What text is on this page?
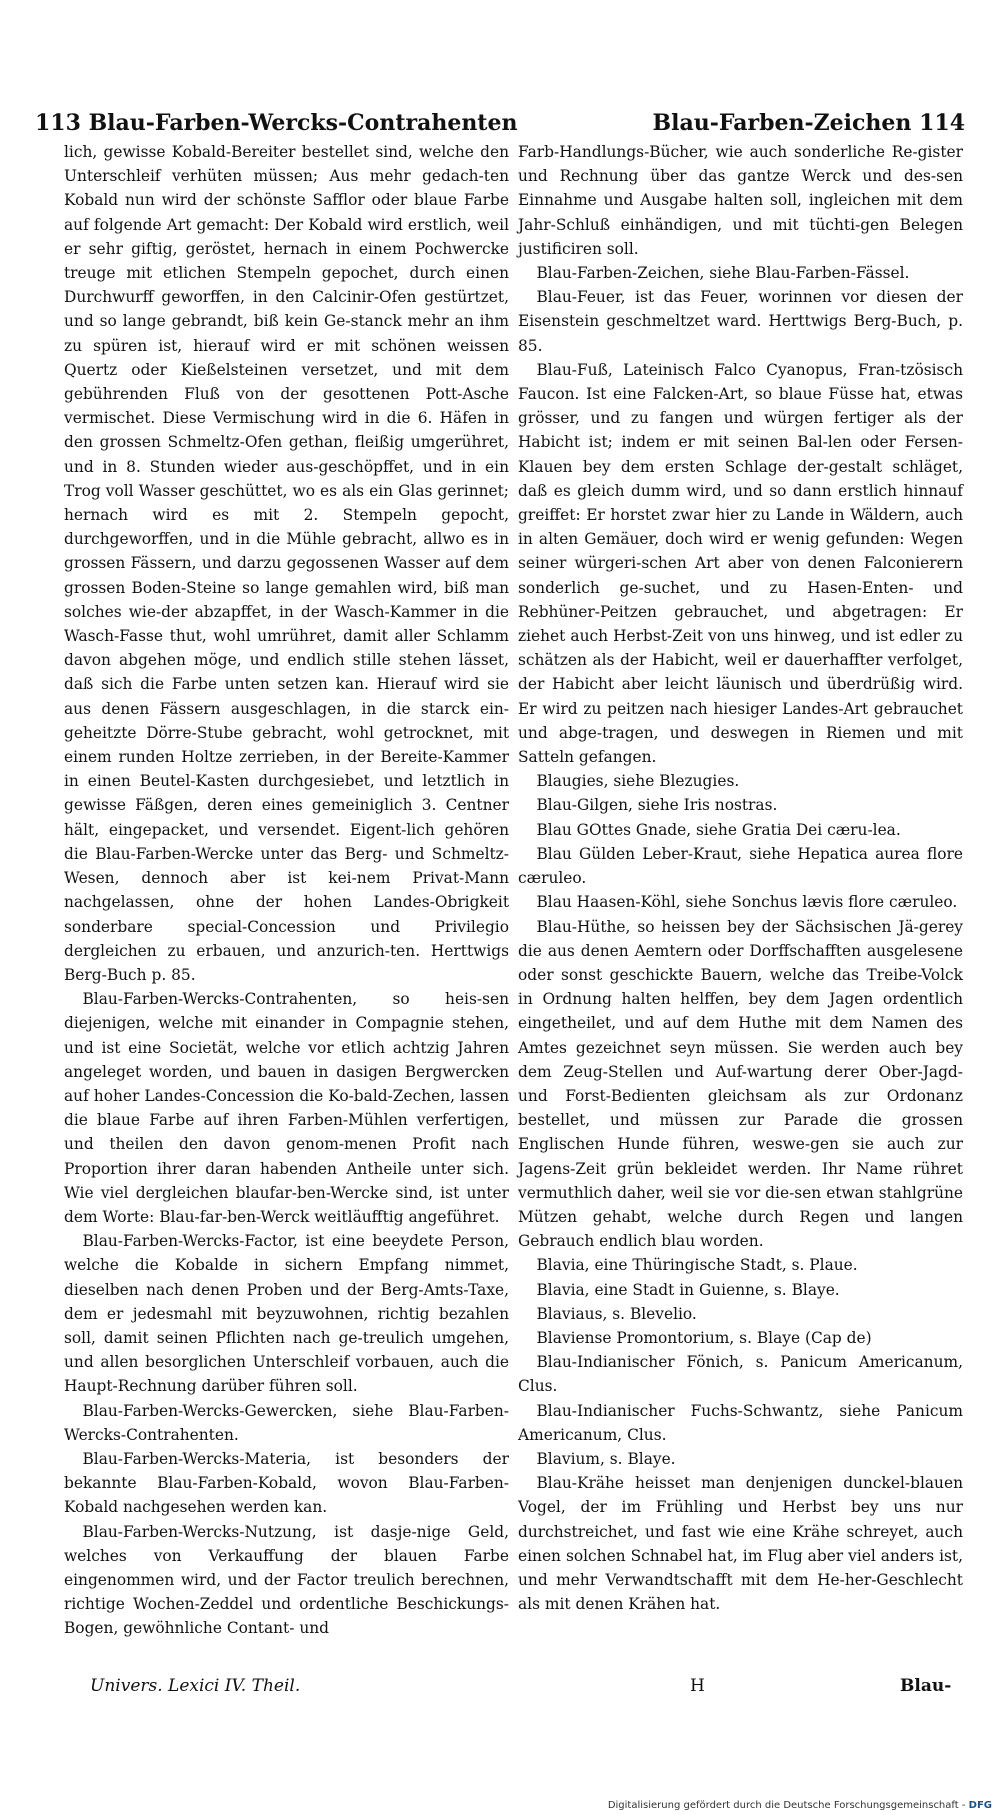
113 Blau-Farben-Wercks-Contrahenten	Blau-Farben-Zeichen 114

lich, gewisse Kobald-Bereiter bestellet sind, welche den Unterschleif verhüten müssen; Aus mehr gedach-ten Kobald nun wird der schönste Safflor oder blaue Farbe auf folgende Art gemacht: Der Kobald wird erstlich, weil er sehr giftig, geröstet, hernach in einem Pochwercke treuge mit etlichen Stempeln gepochet, durch einen Durchwurff geworffen, in den Calcinir-Ofen gestürtzet, und so lange gebrandt, biß kein Ge-stanck mehr an ihm zu spüren ist, hierauf wird er mit schönen weissen Quertz oder Kießelsteinen versetzet, und mit dem gebührenden Fluß von der gesottenen Pott-Asche vermischet. Diese Vermischung wird in die 6. Häfen in den grossen Schmeltz-Ofen gethan, fleißig umgerühret, und in 8. Stunden wieder aus-geschöpffet, und in ein Trog voll Wasser geschüttet, wo es als ein Glas gerinnet; hernach wird es mit 2. Stempeln gepocht, durchgeworffen, und in die Mühle gebracht, allwo es in grossen Fässern, und darzu gegossenen Wasser auf dem grossen Boden-Steine so lange gemahlen wird, biß man solches wie-der abzapffet, in der Wasch-Kammer in die Wasch-Fasse thut, wohl umrühret, damit aller Schlamm davon abgehen möge, und endlich stille stehen lässet, daß sich die Farbe unten setzen kan. Hierauf wird sie aus denen Fässern ausgeschlagen, in die starck ein-geheitzte Dörre-Stube gebracht, wohl getrocknet, mit einem runden Holtze zerrieben, in der Bereite-Kammer in einen Beutel-Kasten durchgesiebet, und letztlich in gewisse Fäßgen, deren eines gemeiniglich 3. Centner hält, eingepacket, und versendet. Eigent-lich gehören die Blau-Farben-Wercke unter das Berg- und Schmeltz-Wesen, dennoch aber ist kei-nem Privat-Mann nachgelassen, ohne der hohen Landes-Obrigkeit sonderbare special-Concession und Privilegio dergleichen zu erbauen, und anzurich-ten. Herttwigs Berg-Buch p. 85.

Blau-Farben-Wercks-Contrahenten, so heis-sen diejenigen, welche mit einander in Compagnie stehen, und ist eine Societät, welche vor etlich achtzig Jahren angeleget worden, und bauen in dasigen Bergwercken auf hoher Landes-Concession die Ko-bald-Zechen, lassen die blaue Farbe auf ihren Farben-Mühlen verfertigen, und theilen den davon genom-menen Profit nach Proportion ihrer daran habenden Antheile unter sich. Wie viel dergleichen blaufar-ben-Wercke sind, ist unter dem Worte: Blau-far-ben-Werck weitläufftig angeführet.

Blau-Farben-Wercks-Factor, ist eine beeydete Person, welche die Kobalde in sichern Empfang nimmet, dieselben nach denen Proben und der Berg-Amts-Taxe, dem er jedesmahl mit beyzuwohnen, richtig bezahlen soll, damit seinen Pflichten nach ge-treulich umgehen, und allen besorglichen Unterschleif vorbauen, auch die Haupt-Rechnung darüber führen soll.

Blau-Farben-Wercks-Gewercken, siehe Blau-Farben-Wercks-Contrahenten.

Blau-Farben-Wercks-Materia, ist besonders der bekannte Blau-Farben-Kobald, wovon Blau-Farben-Kobald nachgesehen werden kan.

Blau-Farben-Wercks-Nutzung, ist dasje-nige Geld, welches von Verkauffung der blauen Farbe eingenommen wird, und der Factor treulich berechnen, richtige Wochen-Zeddel und ordentliche Beschickungs-Bogen, gewöhnliche Contant- und

Farb-Handlungs-Bücher, wie auch sonderliche Re-gister und Rechnung über das gantze Werck und des-sen Einnahme und Ausgabe halten soll, ingleichen mit dem Jahr-Schluß einhändigen, und mit tüchti-gen Belegen justificiren soll.

Blau-Farben-Zeichen, siehe Blau-Farben-Fässel.

Blau-Feuer, ist das Feuer, worinnen vor diesen der Eisenstein geschmeltzet ward. Herttwigs Berg-Buch, p. 85.

Blau-Fuß, Lateinisch Falco Cyanopus, Fran-tzösisch Faucon. Ist eine Falcken-Art, so blaue Füsse hat, etwas grösser, und zu fangen und würgen fertiger als der Habicht ist; indem er mit seinen Bal-len oder Fersen-Klauen bey dem ersten Schlage der-gestalt schläget, daß es gleich dumm wird, und so dann erstlich hinnauf greiffet: Er horstet zwar hier zu Lande in Wäldern, auch in alten Gemäuer, doch wird er wenig gefunden: Wegen seiner würgeri-schen Art aber von denen Falconierern sonderlich ge-suchet, und zu Hasen-Enten- und Rebhüner-Peitzen gebrauchet, und abgetragen: Er ziehet auch Herbst-Zeit von uns hinweg, und ist edler zu schätzen als der Habicht, weil er dauerhaffter verfolget, der Habicht aber leicht läunisch und überdrüßig wird. Er wird zu peitzen nach hiesiger Landes-Art gebrauchet und abge-tragen, und deswegen in Riemen und mit Satteln gefangen.

Blaugies, siehe Blezugies.

Blau-Gilgen, siehe Iris nostras.

Blau GOttes Gnade, siehe Gratia Dei cæru-lea.

Blau Gülden Leber-Kraut, siehe Hepatica aurea flore cæruleo.

Blau Haasen-Köhl, siehe Sonchus lævis flore cæruleo.

Blau-Hüthe, so heissen bey der Sächsischen Jä-gerey die aus denen Aemtern oder Dorffschafften ausgelesene oder sonst geschickte Bauern, welche das Treibe-Volck in Ordnung halten helffen, bey dem Jagen ordentlich eingetheilet, und auf dem Huthe mit dem Namen des Amtes gezeichnet seyn müssen. Sie werden auch bey dem Zeug-Stellen und Auf-wartung derer Ober-Jagd- und Forst-Bedienten gleichsam als zur Ordonanz bestellet, und müssen zur Parade die grossen Englischen Hunde führen, weswe-gen sie auch zur Jagens-Zeit grün bekleidet werden. Ihr Name rühret vermuthlich daher, weil sie vor die-sen etwan stahlgrüne Mützen gehabt, welche durch Regen und langen Gebrauch endlich blau worden.

Blavia, eine Thüringische Stadt, s. Plaue.

Blavia, eine Stadt in Guienne, s. Blaye.

Blaviaus, s. Blevelio.

Blaviense Promontorium, s. Blaye (Cap de)

Blau-Indianischer Fönich, s. Panicum Americanum, Clus.

Blau-Indianischer Fuchs-Schwantz, siehe Panicum Americanum, Clus.

Blavium, s. Blaye.

Blau-Krähe heisset man denjenigen dunckel-blauen Vogel, der im Frühling und Herbst bey uns nur durchstreichet, und fast wie eine Krähe schreyet, auch einen solchen Schnabel hat, im Flug aber viel anders ist, und mehr Verwandtschafft mit dem He-her-Geschlecht als mit denen Krähen hat.

Univers. Lexici IV. Theil.	H	Blau-
Digitalisierung gefördert durch die Deutsche Forschungsgemeinschaft - DFG
